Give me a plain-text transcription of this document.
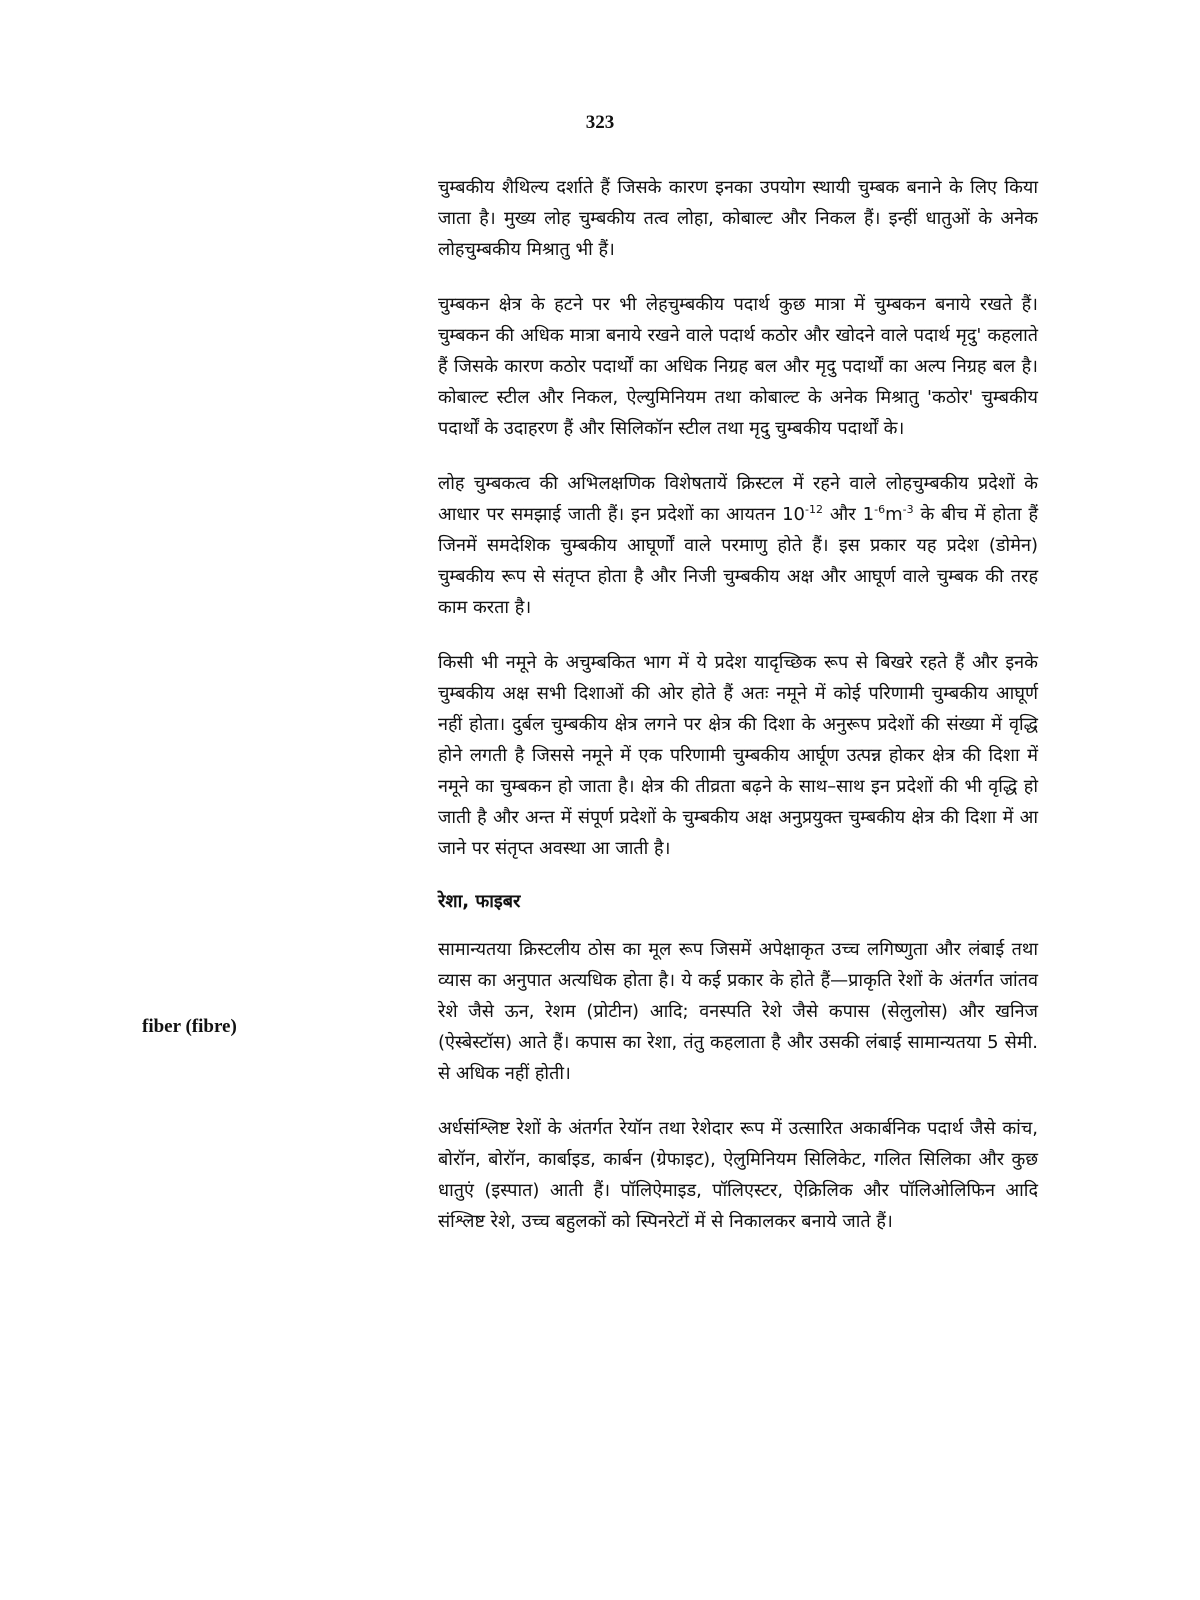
323
fiber (fibre)

चुम्बकीय शैथिल्य दर्शाते हैं जिसके कारण इनका उपयोग स्थायी चुम्बक बनाने के लिए किया जाता है। मुख्य लोह चुम्बकीय तत्व लोहा, कोबाल्ट और निकल हैं। इन्हीं धातुओं के अनेक लोहचुम्बकीय मिश्रातु भी हैं।

चुम्बकन क्षेत्र के हटने पर भी लेहचुम्बकीय पदार्थ कुछ मात्रा में चुम्बकन बनाये रखते हैं। चुम्बकन की अधिक मात्रा बनाये रखने वाले पदार्थ कठोर और खोदने वाले पदार्थ मृदु' कहलाते हैं जिसके कारण कठोर पदार्थों का अधिक निग्रह बल और मृदु पदार्थों का अल्प निग्रह बल है। कोबाल्ट स्टील और निकल, ऐल्युमिनियम तथा कोबाल्ट के अनेक मिश्रातु 'कठोर' चुम्बकीय पदार्थों के उदाहरण हैं और सिलिकॉन स्टील तथा मृदु चुम्बकीय पदार्थों के।

लोह चुम्बकत्व की अभिलक्षणिक विशेषतायें क्रिस्टल में रहने वाले लोहचुम्बकीय प्रदेशों के आधार पर समझाई जाती हैं। इन प्रदेशों का आयतन $10^{-12}$ और $1^{-6}m^{-3}$ के बीच में होता हैं जिनमें समदेशिक चुम्बकीय आघूर्णों वाले परमाणु होते हैं। इस प्रकार यह प्रदेश (डोमेन) चुम्बकीय रूप से संतृप्त होता है और निजी चुम्बकीय अक्ष और आघूर्ण वाले चुम्बक की तरह काम करता है।

किसी भी नमूने के अचुम्बकित भाग में ये प्रदेश यादृच्छिक रूप से बिखरे रहते हैं और इनके चुम्बकीय अक्ष सभी दिशाओं की ओर होते हैं अतः नमूने में कोई परिणामी चुम्बकीय आघूर्ण नहीं होता। दुर्बल चुम्बकीय क्षेत्र लगने पर क्षेत्र की दिशा के अनुरूप प्रदेशों की संख्या में वृद्धि होने लगती है जिससे नमूने में एक परिणामी चुम्बकीय आर्घूण उत्पन्न होकर क्षेत्र की दिशा में नमूने का चुम्बकन हो जाता है। क्षेत्र की तीव्रता बढ़ने के साथ–साथ इन प्रदेशों की भी वृद्धि हो जाती है और अन्त में संपूर्ण प्रदेशों के चुम्बकीय अक्ष अनुप्रयुक्त चुम्बकीय क्षेत्र की दिशा में आ जाने पर संतृप्त अवस्था आ जाती है।

रेशा, फाइबर

सामान्यतया क्रिस्टलीय ठोस का मूल रूप जिसमें अपेक्षाकृत उच्च लगिष्णुता और लंबाई तथा व्यास का अनुपात अत्यधिक होता है। ये कई प्रकार के होते हैं—प्राकृति रेशों के अंतर्गत जांतव रेशे जैसे ऊन, रेशम (प्रोटीन) आदि; वनस्पति रेशे जैसे कपास (सेलुलोस) और खनिज (ऐस्बेस्टॉस) आते हैं। कपास का रेशा, तंतु कहलाता है और उसकी लंबाई सामान्यतया 5 सेमी. से अधिक नहीं होती।

अर्धसंश्लिष्ट रेशों के अंतर्गत रेयॉन तथा रेशेदार रूप में उत्सारित अकार्बनिक पदार्थ जैसे कांच, बोरॉन, बोरॉन, कार्बाइड, कार्बन (ग्रेफाइट), ऐलुमिनियम सिलिकेट, गलित सिलिका और कुछ धातुएं (इस्पात) आती हैं। पॉलिऐमाइड, पॉलिएस्टर, ऐक्रिलिक और पॉलिओलिफिन आदि संश्लिष्ट रेशे, उच्च बहुलकों को स्पिनरेटों में से निकालकर बनाये जाते हैं।
